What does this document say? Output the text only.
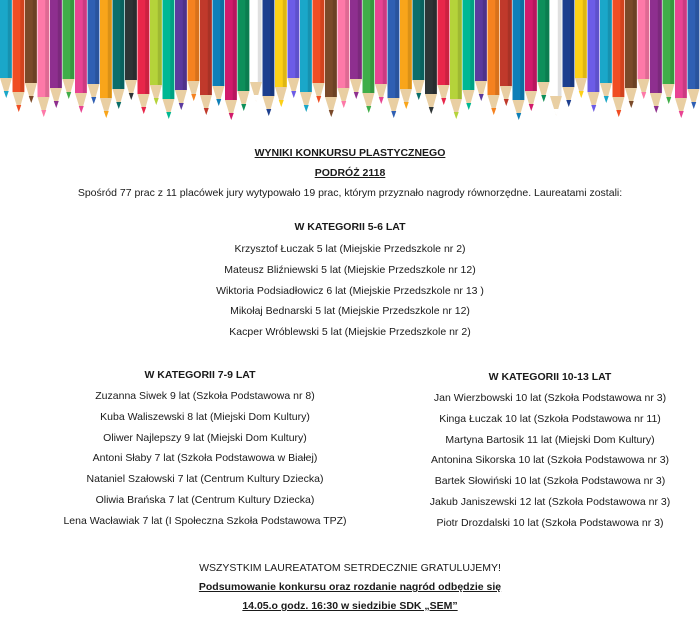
WYNIKI KONKURSU PLASTYCZNEGO
PODRÓŻ 2118
Spośród 77 prac z 11 placówek jury wytypowało 19 prac, którym przyznało nagrody równorzędne. Laureatami zostali:
W KATEGORII 5-6 LAT
Krzysztof Łuczak 5 lat (Miejskie Przedszkole nr 2)
Mateusz Bliźniewski 5 lat (Miejskie Przedszkole nr 12)
Wiktoria Podsiadłowicz 6 lat (Miejskie Przedszkole nr 13 )
Mikołaj Bednarski 5 lat (Miejskie Przedszkole nr 12)
Kacper Wróblewski 5 lat (Miejskie Przedszkole nr 2)
W KATEGORII 7-9 LAT
Zuzanna Siwek 9 lat (Szkoła Podstawowa nr 8)
Kuba Waliszewski 8 lat (Miejski Dom Kultury)
Oliwer Najlepszy 9 lat (Miejski Dom Kultury)
Antoni Słaby 7 lat (Szkoła Podstawowa w Białej)
Nataniel Szałowski 7 lat (Centrum Kultury Dziecka)
Oliwia Brańska 7 lat (Centrum Kultury Dziecka)
Lena Wacławiak 7 lat (I Społeczna Szkoła Podstawowa TPZ)
W KATEGORII 10-13 LAT
Jan Wierzbowski 10 lat (Szkoła Podstawowa nr 3)
Kinga Łuczak 10 lat (Szkoła Podstawowa nr 11)
Martyna Bartosik 11 lat (Miejski Dom Kultury)
Antonina Sikorska 10 lat (Szkoła Podstawowa nr 3)
Bartek Słowiński 10 lat (Szkoła Podstawowa nr 3)
Jakub Janiszewski 12 lat (Szkoła Podstawowa nr 3)
Piotr Drozdalski 10 lat (Szkoła Podstawowa nr 3)
WSZYSTKIM LAUREATATOM SETRDECZNIE GRATULUJEMY!
Podsumowanie konkursu oraz rozdanie nagród odbędzie się
14.05.o godz. 16:30 w siedzibie SDK „SEM”
